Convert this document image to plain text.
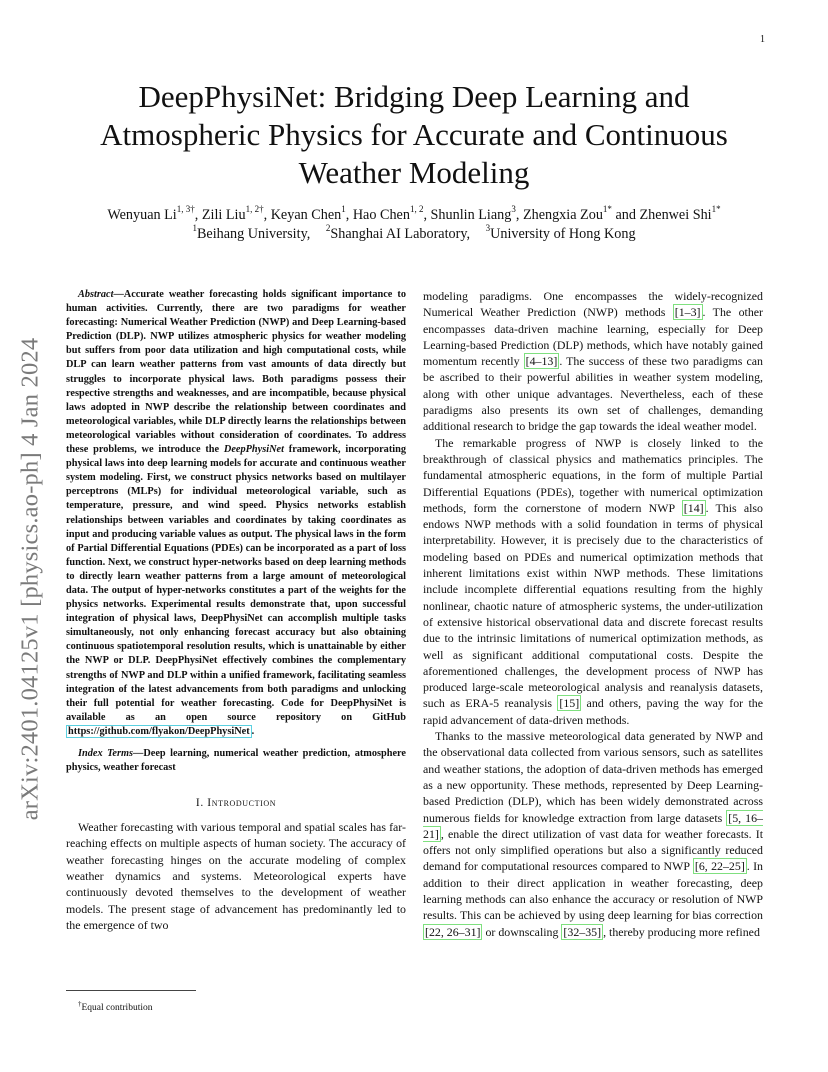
1
arXiv:2401.04125v1 [physics.ao-ph] 4 Jan 2024
DeepPhysiNet: Bridging Deep Learning and Atmospheric Physics for Accurate and Continuous Weather Modeling
Wenyuan $Li^{1, 3\dagger}$, Zili Liu$^{1, 2\dagger}$, Keyan Chen$^1$, Hao Chen$^{1, 2}$, Shunlin Liang$^3$, Zhengxia Zou$^{1*}$ and Zhenwei Shi$^{1*}$
$^1$Beihang University, $^2$Shanghai AI Laboratory, $^3$University of Hong Kong

Abstract—Accurate weather forecasting holds significant importance to human activities. Currently, there are two paradigms for weather forecasting: Numerical Weather Prediction (NWP) and Deep Learning-based Prediction (DLP). NWP utilizes atmospheric physics for weather modeling but suffers from poor data utilization and high computational costs, while DLP can learn weather patterns from vast amounts of data directly but struggles to incorporate physical laws. Both paradigms possess their respective strengths and weaknesses, and are incompatible, because physical laws adopted in NWP describe the relationship between coordinates and meteorological variables, while DLP directly learns the relationships between meteorological variables without consideration of coordinates. To address these problems, we introduce the DeepPhysiNet framework, incorporating physical laws into deep learning models for accurate and continuous weather system modeling. First, we construct physics networks based on multilayer perceptrons (MLPs) for individual meteorological variable, such as temperature, pressure, and wind speed. Physics networks establish relationships between variables and coordinates by taking coordinates as input and producing variable values as output. The physical laws in the form of Partial Differential Equations (PDEs) can be incorporated as a part of loss function. Next, we construct hyper-networks based on deep learning methods to directly learn weather patterns from a large amount of meteorological data. The output of hyper-networks constitutes a part of the weights for the physics networks. Experimental results demonstrate that, upon successful integration of physical laws, DeepPhysiNet can accomplish multiple tasks simultaneously, not only enhancing forecast accuracy but also obtaining continuous spatiotemporal resolution results, which is unattainable by either the NWP or DLP. DeepPhysiNet effectively combines the complementary strengths of NWP and DLP within a unified framework, facilitating seamless integration of the latest advancements from both paradigms and unlocking their full potential for weather forecasting. Code for DeepPhysiNet is available as an open source repository on GitHub https://github.com/flyakon/DeepPhysiNet .

Index Terms—Deep learning, numerical weather prediction, atmosphere physics, weather forecast

I. Introduction

Weather forecasting with various temporal and spatial scales has far-reaching effects on multiple aspects of human society. The accuracy of weather forecasting hinges on the accurate modeling of complex weather dynamics and systems. Meteorological experts have continuously devoted themselves to the development of weather models. The present stage of advancement has predominantly led to the emergence of two

modeling paradigms. One encompasses the widely-recognized Numerical Weather Prediction (NWP) methods [1–3] . The other encompasses data-driven machine learning, especially for Deep Learning-based Prediction (DLP) methods, which have notably gained momentum recently [4–13] . The success of these two paradigms can be ascribed to their powerful abilities in weather system modeling, along with other unique advantages. Nevertheless, each of these paradigms also presents its own set of challenges, demanding additional research to bridge the gap towards the ideal weather model.

The remarkable progress of NWP is closely linked to the breakthrough of classical physics and mathematics principles. The fundamental atmospheric equations, in the form of multiple Partial Differential Equations (PDEs), together with numerical optimization methods, form the cornerstone of modern NWP [14] . This also endows NWP methods with a solid foundation in terms of physical interpretability. However, it is precisely due to the characteristics of modeling based on PDEs and numerical optimization methods that inherent limitations exist within NWP methods. These limitations include incomplete differential equations resulting from the highly nonlinear, chaotic nature of atmospheric systems, the under-utilization of extensive historical observational data and discrete forecast results due to the intrinsic limitations of numerical optimization methods, as well as significant additional computational costs. Despite the aforementioned challenges, the development process of NWP has produced large-scale meteorological analysis and reanalysis datasets, such as ERA-5 reanalysis [15] and others, paving the way for the rapid advancement of data-driven methods.

Thanks to the massive meteorological data generated by NWP and the observational data collected from various sensors, such as satellites and weather stations, the adoption of data-driven methods has emerged as a new opportunity. These methods, represented by Deep Learning-based Prediction (DLP), which has been widely demonstrated across numerous fields for knowledge extraction from large datasets [5, 16–21] , enable the direct utilization of vast data for weather forecasts. It offers not only simplified operations but also a significantly reduced demand for computational resources compared to NWP [6, 22–25] . In addition to their direct application in weather forecasting, deep learning methods can also enhance the accuracy or resolution of NWP results. This can be achieved by using deep learning for bias correction [22, 26–31] or downscaling [32–35] , thereby producing more refined

†Equal contribution
